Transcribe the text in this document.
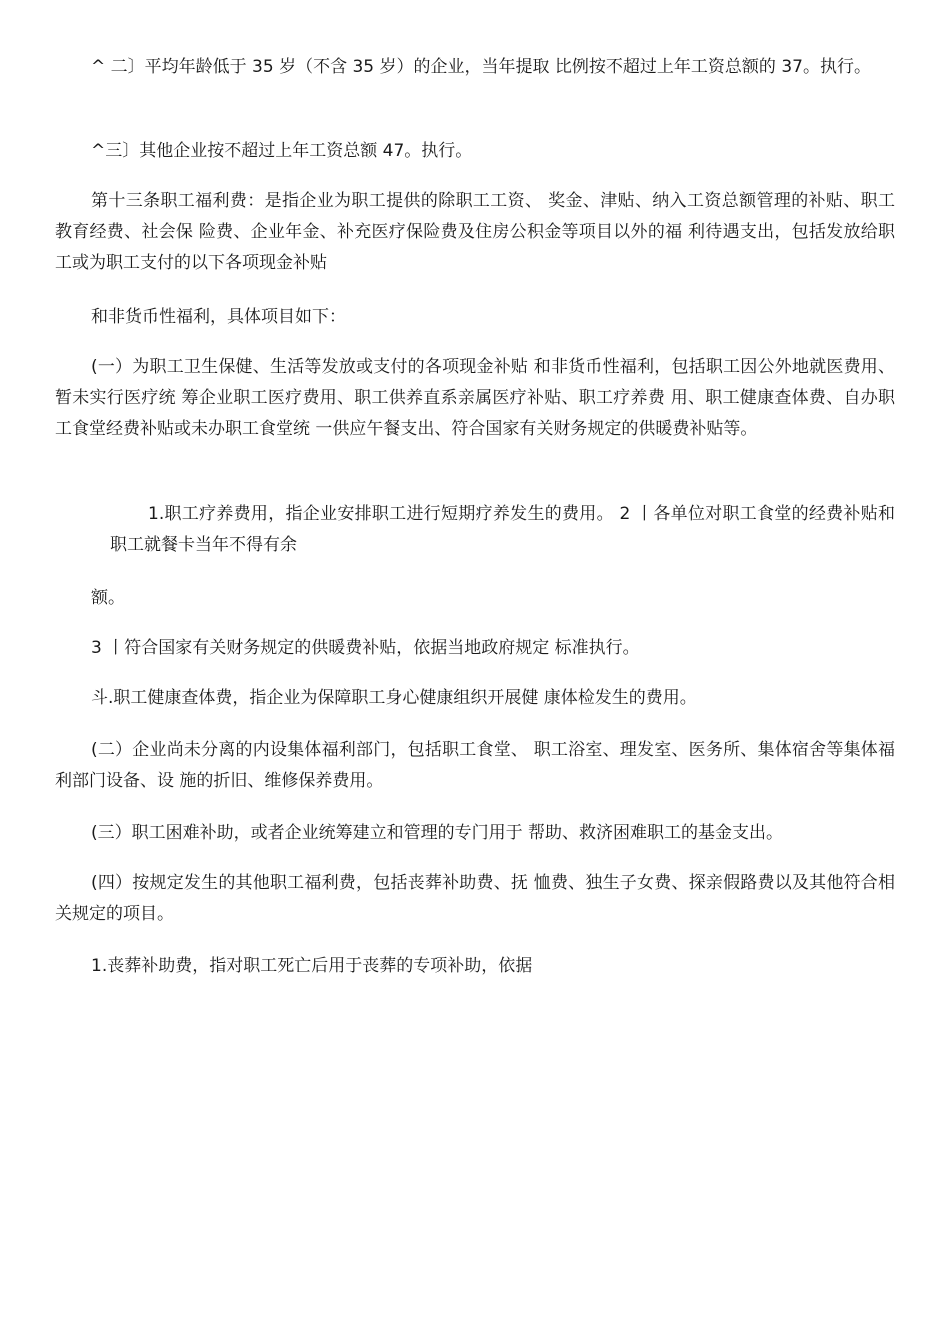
^ 二〕平均年龄低于 35 岁（不含 35 岁）的企业，当年提取 比例按不超过上年工资总额的 37。执行。

^三〕其他企业按不超过上年工资总额 47。执行。

第十三条职工福利费：是指企业为职工提供的除职工工资、 奖金、津贴、纳入工资总额管理的补贴、职工教育经费、社会保 险费、企业年金、补充医疗保险费及住房公积金等项目以外的福 利待遇支出，包括发放给职工或为职工支付的以下各项现金补贴

和非货币性福利，具体项目如下：

(一）为职工卫生保健、生活等发放或支付的各项现金补贴 和非货币性福利，包括职工因公外地就医费用、暂未实行医疗统 筹企业职工医疗费用、职工供养直系亲属医疗补贴、职工疗养费 用、职工健康查体费、自办职工食堂经费补贴或未办职工食堂统 一供应午餐支出、符合国家有关财务规定的供暖费补贴等。

1.职工疗养费用，指企业安排职工进行短期疗养发生的费用。 2 丨各单位对职工食堂的经费补贴和职工就餐卡当年不得有余

额。

3 丨符合国家有关财务规定的供暖费补贴，依据当地政府规定 标准执行。

斗.职工健康查体费，指企业为保障职工身心健康组织开展健 康体检发生的费用。

(二）企业尚未分离的内设集体福利部门，包括职工食堂、 职工浴室、理发室、医务所、集体宿舍等集体福利部门设备、设 施的折旧、维修保养费用。

(三）职工困难补助，或者企业统筹建立和管理的专门用于 帮助、救济困难职工的基金支出。

(四）按规定发生的其他职工福利费，包括丧葬补助费、抚 恤费、独生子女费、探亲假路费以及其他符合相关规定的项目。

1.丧葬补助费，指对职工死亡后用于丧葬的专项补助，依据
